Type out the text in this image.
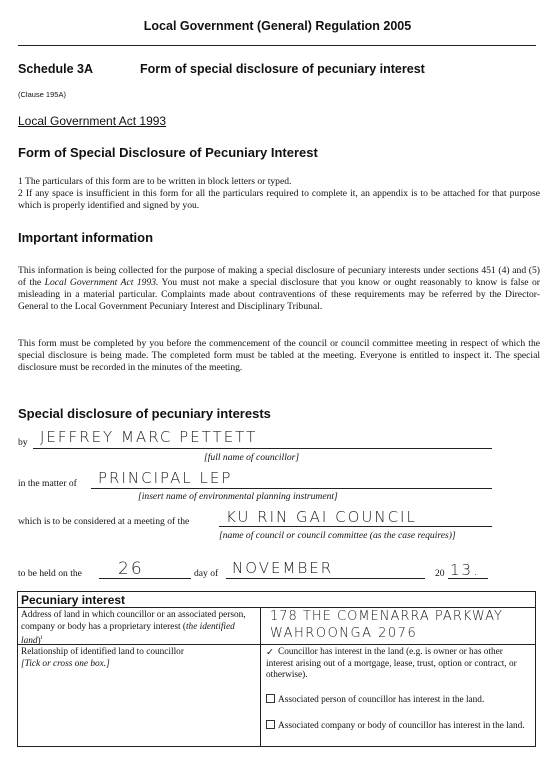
Local Government (General) Regulation 2005
Schedule 3A	Form of special disclosure of pecuniary interest
(Clause 195A)
Local Government Act 1993
Form of Special Disclosure of Pecuniary Interest
1 The particulars of this form are to be written in block letters or typed.
2 If any space is insufficient in this form for all the particulars required to complete it, an appendix is to be attached for that purpose which is properly identified and signed by you.
Important information
This information is being collected for the purpose of making a special disclosure of pecuniary interests under sections 451 (4) and (5) of the Local Government Act 1993. You must not make a special disclosure that you know or ought reasonably to know is false or misleading in a material particular. Complaints made about contraventions of these requirements may be referred by the Director-General to the Local Government Pecuniary Interest and Disciplinary Tribunal.
This form must be completed by you before the commencement of the council or council committee meeting in respect of which the special disclosure is being made. The completed form must be tabled at the meeting. Everyone is entitled to inspect it. The special disclosure must be recorded in the minutes of the meeting.
Special disclosure of pecuniary interests
by JEFFREY MARC PETTETT
[full name of councillor]
in the matter of PRINCIPAL LEP
[insert name of environmental planning instrument]
which is to be considered at a meeting of the KU RIN GAI COUNCIL
[name of council or council committee (as the case requires)]
to be held on the 26	day of NOVEMBER	20 13.
Pecuniary interest
Address of land in which councillor or an associated person, company or body has a proprietary interest (the identified land)$^i$
178 THE COMENARRA PARKWAY
WAHROONGA 2076
Relationship of identified land to councillor
[Tick or cross one box.]
✓ Councillor has interest in the land (e.g. is owner or has other interest arising out of a mortgage, lease, trust, option or contract, or otherwise).
Associated person of councillor has interest in the land.
Associated company or body of councillor has interest in the land.
